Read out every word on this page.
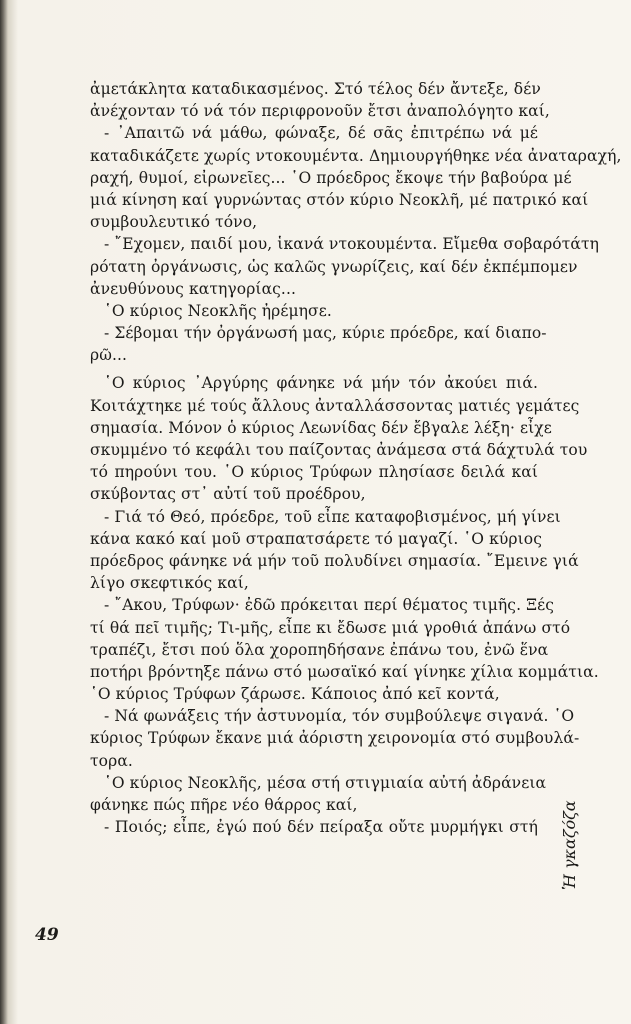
ἀμετάκλητα καταδικασμένος. Στό τέλος δέν ἄντεξε, δέν
ἀνέχονταν τό νά τόν περιφρονοῦν ἔτσι ἀναπολόγητο καί,
- ᾿Απαιτῶ νά μάθω, φώναξε, δέ σᾶς ἐπιτρέπω νά μέ
καταδικάζετε χωρίς ντοκουμέντα. Δημιουργήθηκε νέα ἀναταραχή,
ραχή, θυμοί, εἰρωνεῖες... ῾Ο πρόεδρος ἔκοψε τήν βαβούρα μέ
μιά κίνηση καί γυρνώντας στόν κύριο Νεοκλῆ, μέ πατρικό καί
συμβουλευτικό τόνο,
- ῎Εχομεν, παιδί μου, ἱκανά ντοκουμέντα. Εἴμεθα σοβαρότάτη
ρότατη ὀργάνωσις, ὡς καλῶς γνωρίζεις, καί δέν ἐκπέμπομεν
ἀνευθύνους κατηγορίας...
῾Ο κύριος Νεοκλῆς ἠρέμησε.
- Σέβομαι τήν ὀργάνωσή μας, κύριε πρόεδρε, καί διαπο-
ρῶ...
῾Ο κύριος ᾿Αργύρης φάνηκε νά μήν τόν ἀκούει πιά.
Κοιτάχτηκε μέ τούς ἄλλους ἀνταλλάσσοντας ματιές γεμάτες
σημασία. Μόνον ὁ κύριος Λεωνίδας δέν ἔβγαλε λέξη· εἶχε
σκυμμένο τό κεφάλι του παίζοντας ἀνάμεσα στά δάχτυλά του
τό πηρούνι του. ῾Ο κύριος Τρύφων πλησίασε δειλά καί
σκύβοντας στ᾿ αὐτί τοῦ προέδρου,
- Γιά τό Θεό, πρόεδρε, τοῦ εἶπε καταφοβισμένος, μή γίνει
κάνα κακό καί μοῦ στραπατσάρετε τό μαγαζί. ῾Ο κύριος
πρόεδρος φάνηκε νά μήν τοῦ πολυδίνει σημασία. ῎Εμεινε γιά
λίγο σκεφτικός καί,
- ῎Ακου, Τρύφων· ἐδῶ πρόκειται περί θέματος τιμῆς. Ξές
τί θά πεῖ τιμῆς; Τι-μῆς, εἶπε κι ἔδωσε μιά γροθιά ἀπάνω στό
τραπέζι, ἔτσι πού ὅλα χοροπηδήσανε ἐπάνω του, ἐνῶ ἕνα
ποτήρι βρόντηξε πάνω στό μωσαϊκό καί γίνηκε χίλια κομμάτια.
῾Ο κύριος Τρύφων ζάρωσε. Κάποιος ἀπό κεῖ κοντά,
- Νά φωνάξεις τήν ἀστυνομία, τόν συμβούλεψε σιγανά. ῾Ο
κύριος Τρύφων ἔκανε μιά ἀόριστη χειρονομία στό συμβουλά-
τορα.
῾Ο κύριος Νεοκλῆς, μέσα στή στιγμιαία αὐτή ἀδράνεια
φάνηκε πώς πῆρε νέο θάρρος καί,
- Ποιός; εἶπε, ἐγώ πού δέν πείραξα οὔτε μυρμήγκι στή
49
Ἡ γκαζόζα
